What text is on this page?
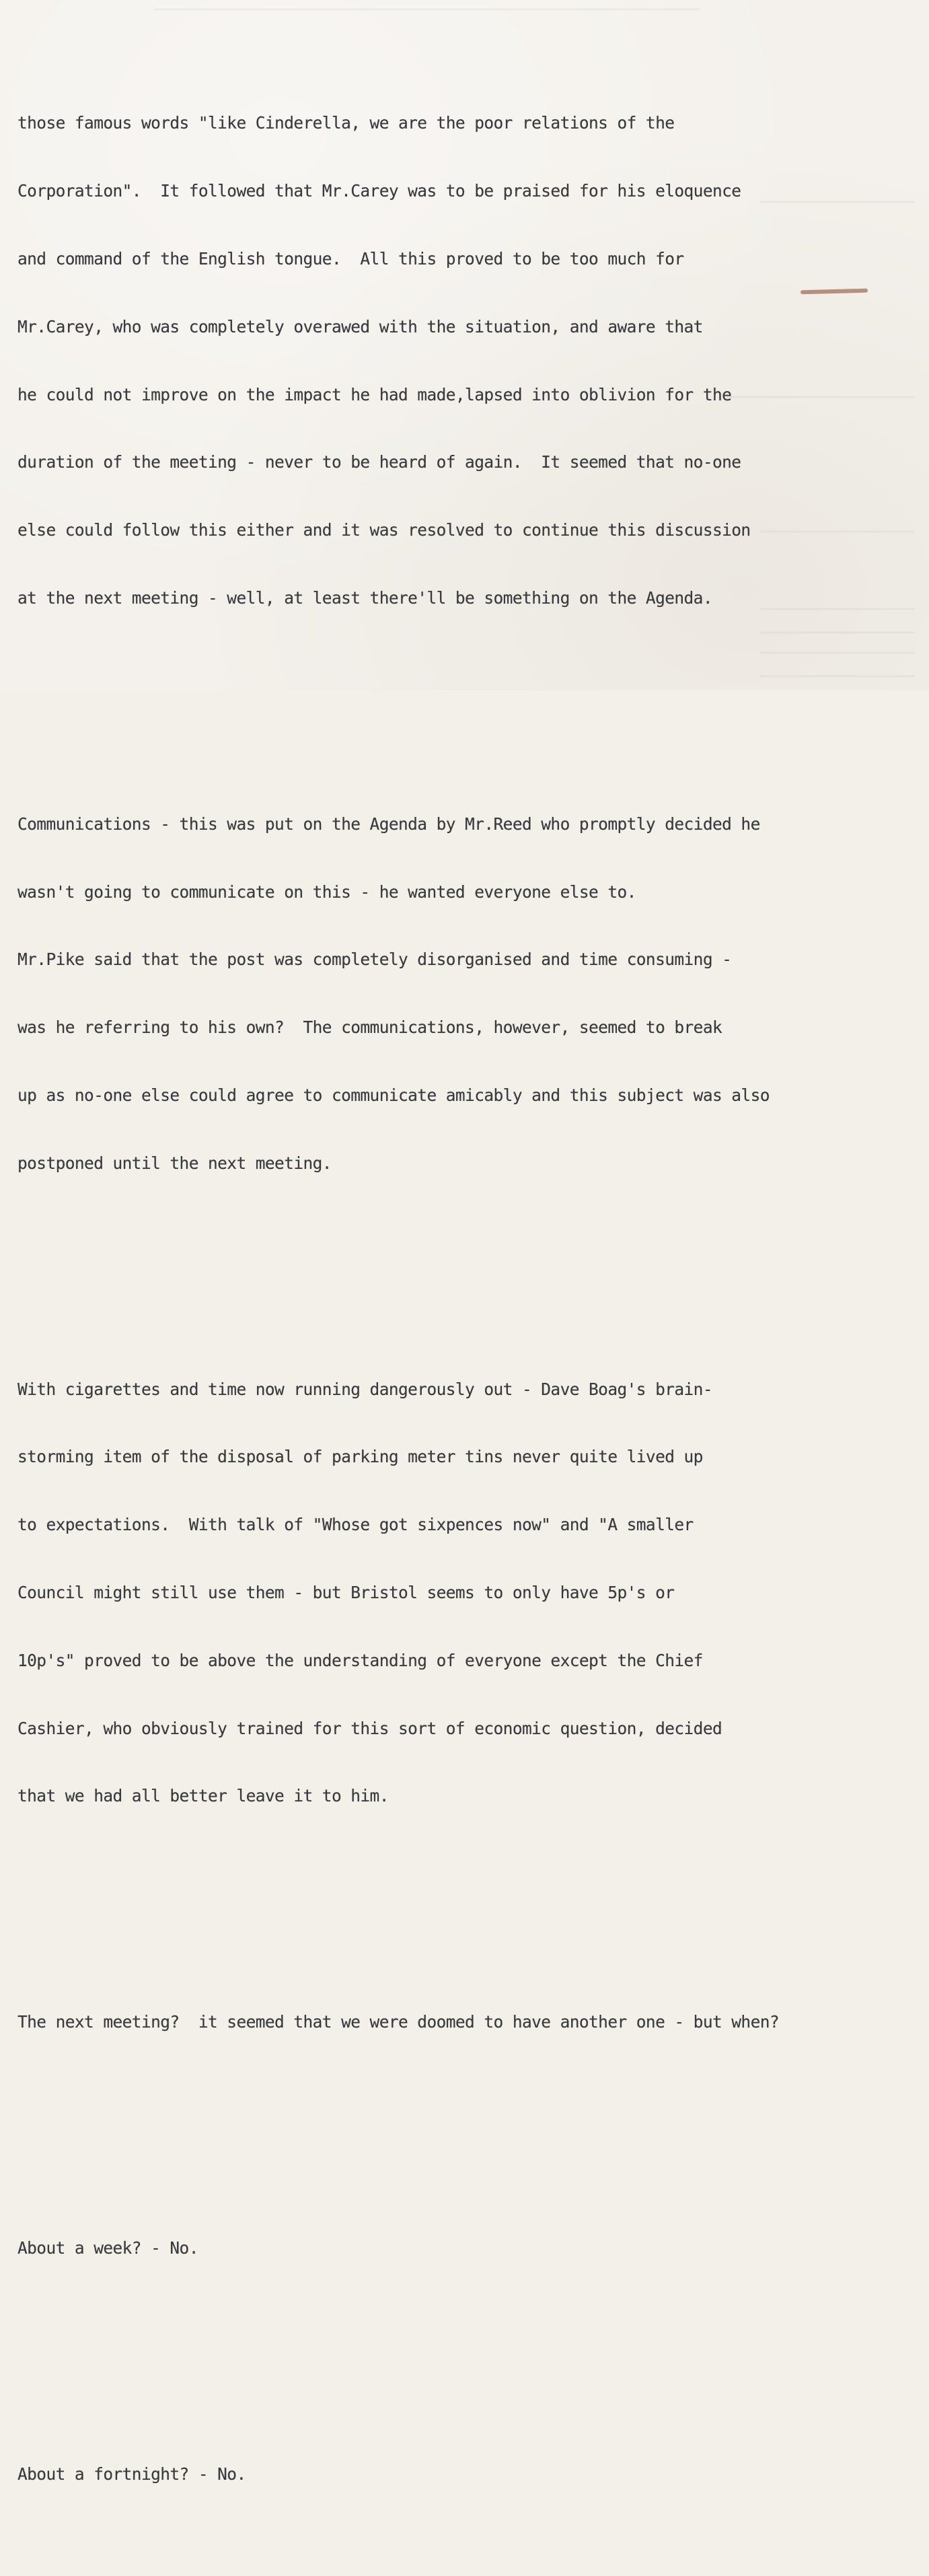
those famous words "like Cinderella, we are the poor relations of the

Corporation".  It followed that Mr.Carey was to be praised for his eloquence

and command of the English tongue.  All this proved to be too much for

Mr.Carey, who was completely overawed with the situation, and aware that

he could not improve on the impact he had made,lapsed into oblivion for the

duration of the meeting - never to be heard of again.  It seemed that no-one

else could follow this either and it was resolved to continue this discussion

at the next meeting - well, at least there'll be something on the Agenda.

Communications - this was put on the Agenda by Mr.Reed who promptly decided he

wasn't going to communicate on this - he wanted everyone else to.

Mr.Pike said that the post was completely disorganised and time consuming -

was he referring to his own?  The communications, however, seemed to break

up as no-one else could agree to communicate amicably and this subject was also

postponed until the next meeting.

With cigarettes and time now running dangerously out - Dave Boag's brain-

storming item of the disposal of parking meter tins never quite lived up

to expectations.  With talk of "Whose got sixpences now" and "A smaller

Council might still use them - but Bristol seems to only have 5p's or

10p's" proved to be above the understanding of everyone except the Chief

Cashier, who obviously trained for this sort of economic question, decided

that we had all better leave it to him.

The next meeting?  it seemed that we were doomed to have another one - but when?

About a week? - No.

About a fortnight? - No.
